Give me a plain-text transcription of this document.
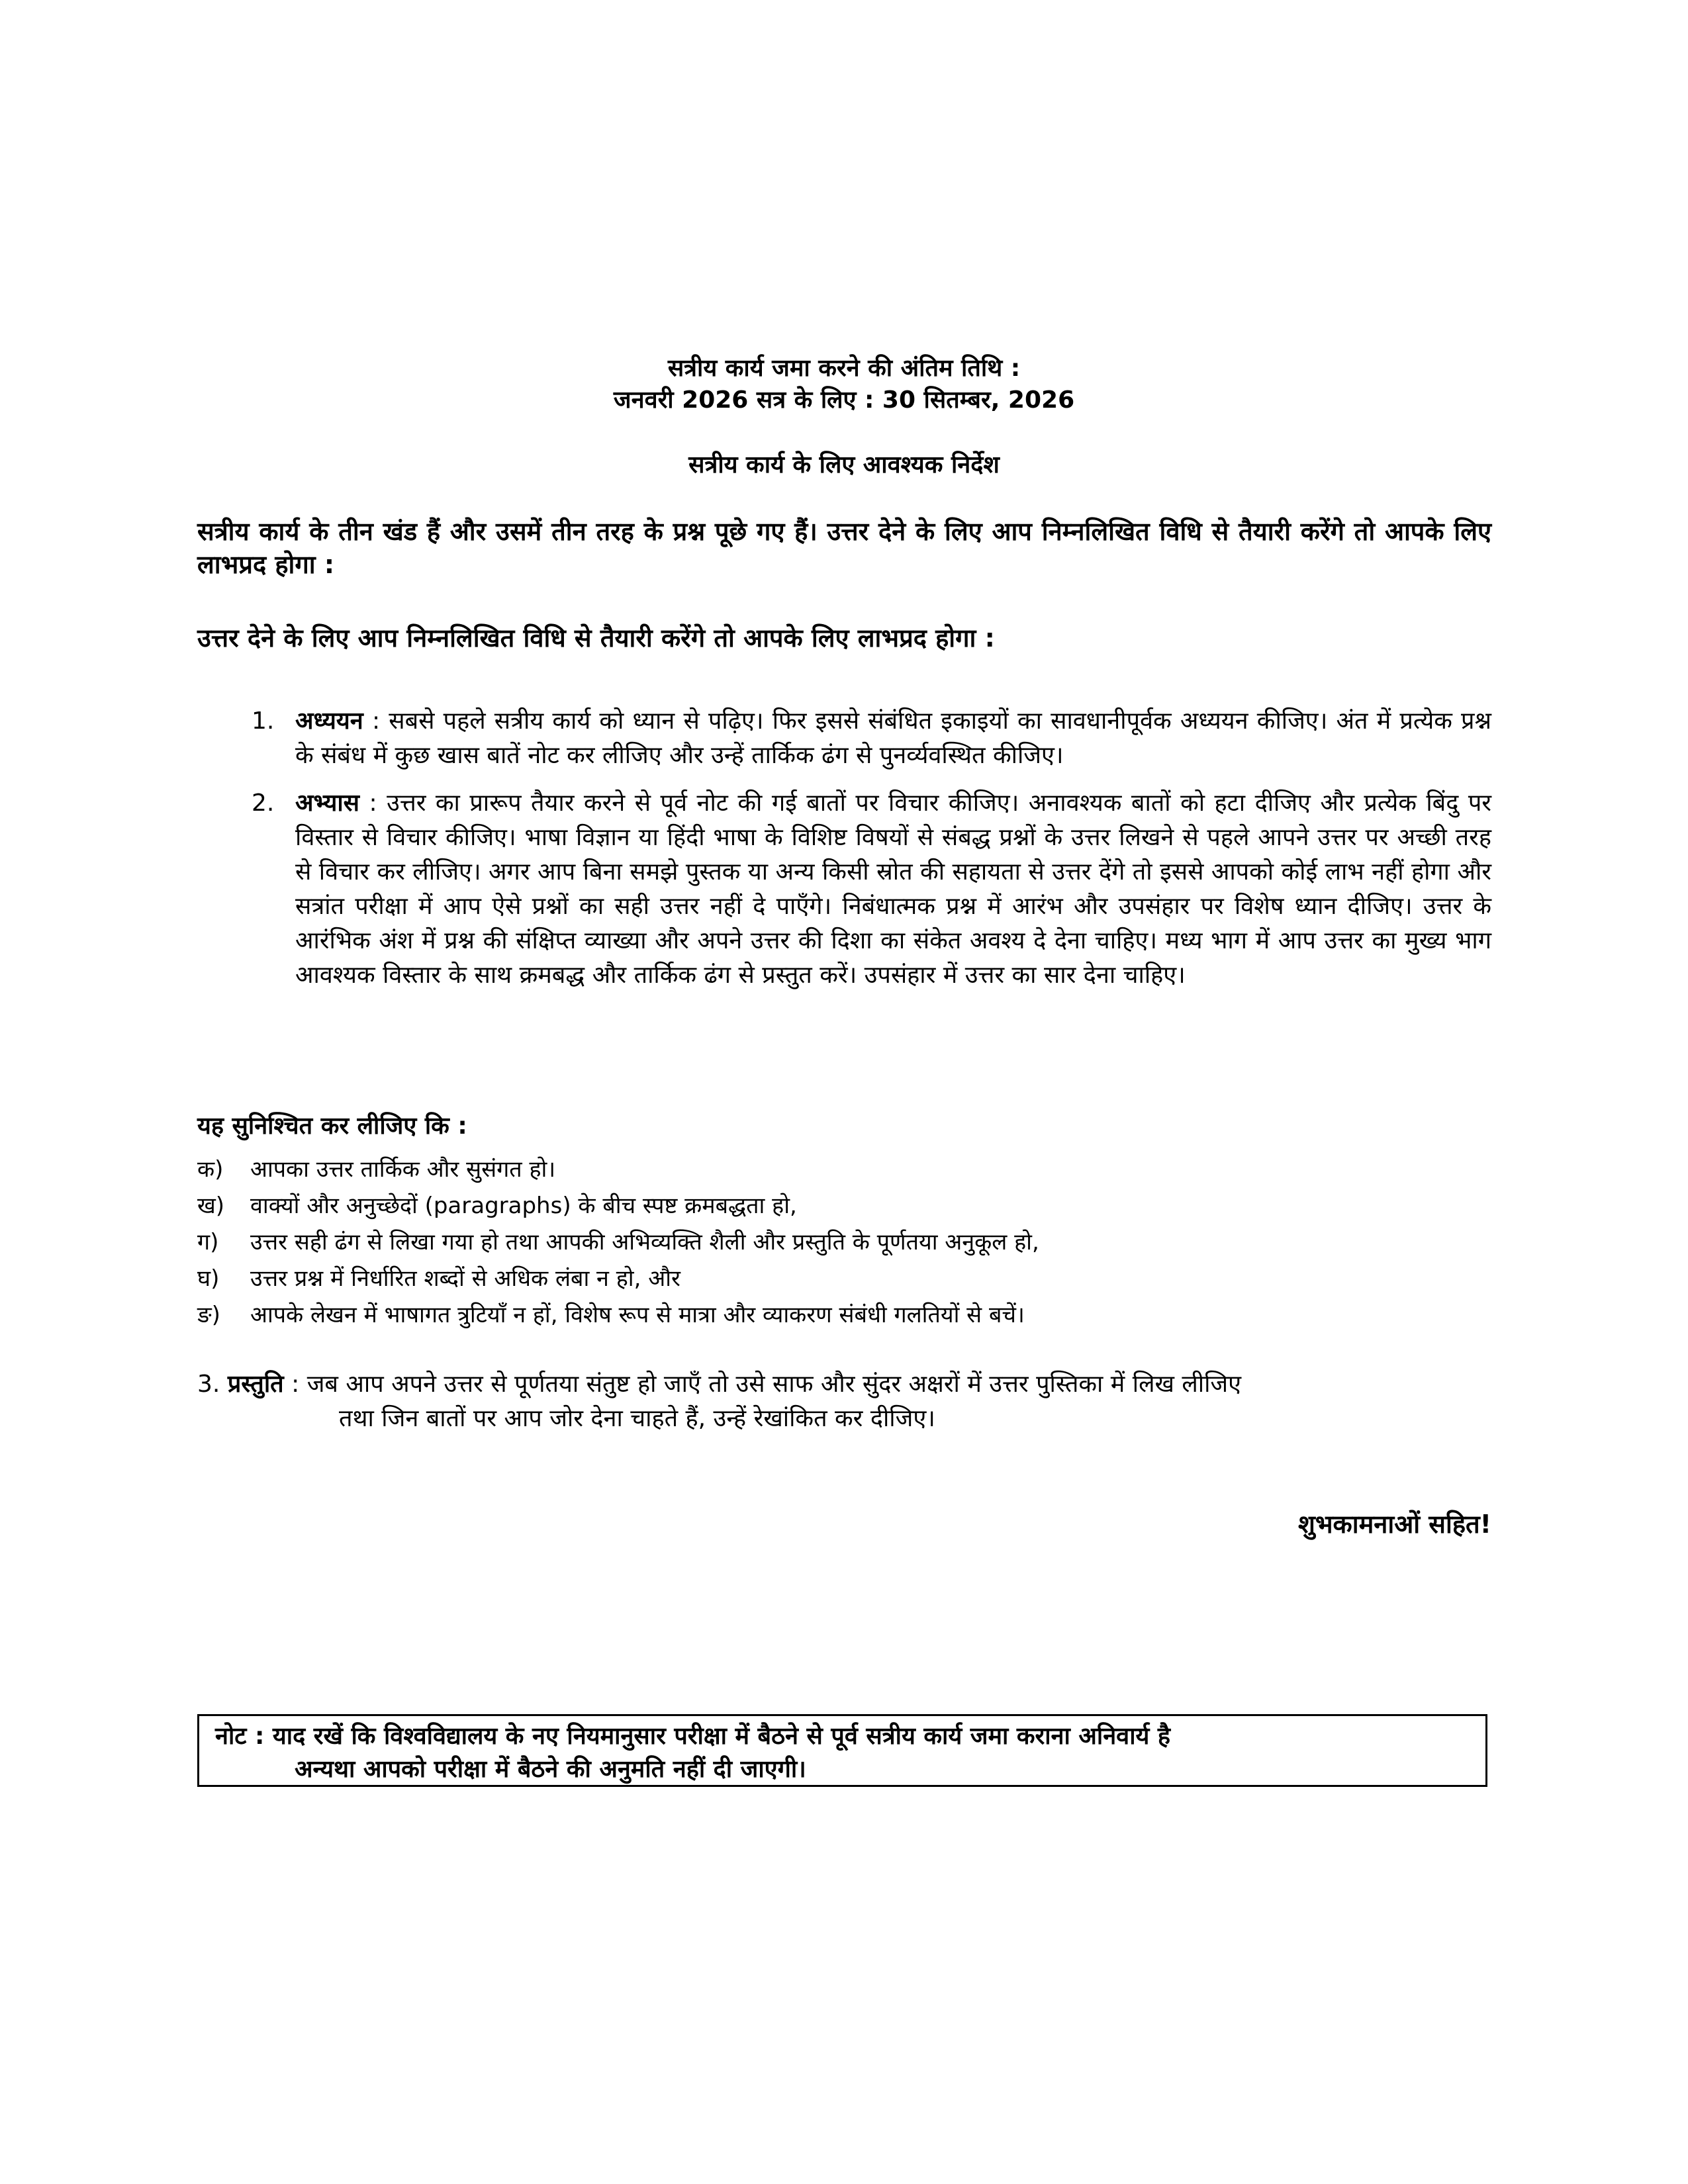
सत्रीय कार्य जमा करने की अंतिम तिथि :
जनवरी 2026 सत्र के लिए : 30 सितम्बर, 2026
सत्रीय कार्य के लिए आवश्यक निर्देश
सत्रीय कार्य के तीन खंड हैं और उसमें तीन तरह के प्रश्न पूछे गए हैं। उत्तर देने के लिए आप निम्नलिखित विधि से तैयारी करेंगे तो आपके लिए लाभप्रद होगा :
उत्तर देने के लिए आप निम्नलिखित विधि से तैयारी करेंगे तो आपके लिए लाभप्रद होगा :
1. अध्ययन : सबसे पहले सत्रीय कार्य को ध्यान से पढ़िए। फिर इससे संबंधित इकाइयों का सावधानीपूर्वक अध्ययन कीजिए। अंत में प्रत्येक प्रश्न के संबंध में कुछ खास बातें नोट कर लीजिए और उन्हें तार्किक ढंग से पुनर्व्यवस्थित कीजिए।
2. अभ्यास : उत्तर का प्रारूप तैयार करने से पूर्व नोट की गई बातों पर विचार कीजिए। अनावश्यक बातों को हटा दीजिए और प्रत्येक बिंदु पर विस्तार से विचार कीजिए। भाषा विज्ञान या हिंदी भाषा के विशिष्ट विषयों से संबद्ध प्रश्नों के उत्तर लिखने से पहले आपने उत्तर पर अच्छी तरह से विचार कर लीजिए। अगर आप बिना समझे पुस्तक या अन्य किसी स्रोत की सहायता से उत्तर देंगे तो इससे आपको कोई लाभ नहीं होगा और सत्रांत परीक्षा में आप ऐसे प्रश्नों का सही उत्तर नहीं दे पाएँगे। निबंधात्मक प्रश्न में आरंभ और उपसंहार पर विशेष ध्यान दीजिए। उत्तर के आरंभिक अंश में प्रश्न की संक्षिप्त व्याख्या और अपने उत्तर की दिशा का संकेत अवश्य दे देना चाहिए। मध्य भाग में आप उत्तर का मुख्य भाग आवश्यक विस्तार के साथ क्रमबद्ध और तार्किक ढंग से प्रस्तुत करें। उपसंहार में उत्तर का सार देना चाहिए।
यह सुनिश्चित कर लीजिए कि :
क)	आपका उत्तर तार्किक और सुसंगत हो।
ख)	वाक्यों और अनुच्छेदों (paragraphs) के बीच स्पष्ट क्रमबद्धता हो,
ग)	उत्तर सही ढंग से लिखा गया हो तथा आपकी अभिव्यक्ति शैली और प्रस्तुति के पूर्णतया अनुकूल हो,
घ)	उत्तर प्रश्न में निर्धारित शब्दों से अधिक लंबा न हो, और
ङ)	आपके लेखन में भाषागत त्रुटियाँ न हों, विशेष रूप से मात्रा और व्याकरण संबंधी गलतियों से बचें।
3. प्रस्तुति : जब आप अपने उत्तर से पूर्णतया संतुष्ट हो जाएँ तो उसे साफ और सुंदर अक्षरों में उत्तर पुस्तिका में लिख लीजिए
तथा जिन बातों पर आप जोर देना चाहते हैं, उन्हें रेखांकित कर दीजिए।
शुभकामनाओं सहित!
नोट : याद रखें कि विश्वविद्यालय के नए नियमानुसार परीक्षा में बैठने से पूर्व सत्रीय कार्य जमा कराना अनिवार्य है
अन्यथा आपको परीक्षा में बैठने की अनुमति नहीं दी जाएगी।
